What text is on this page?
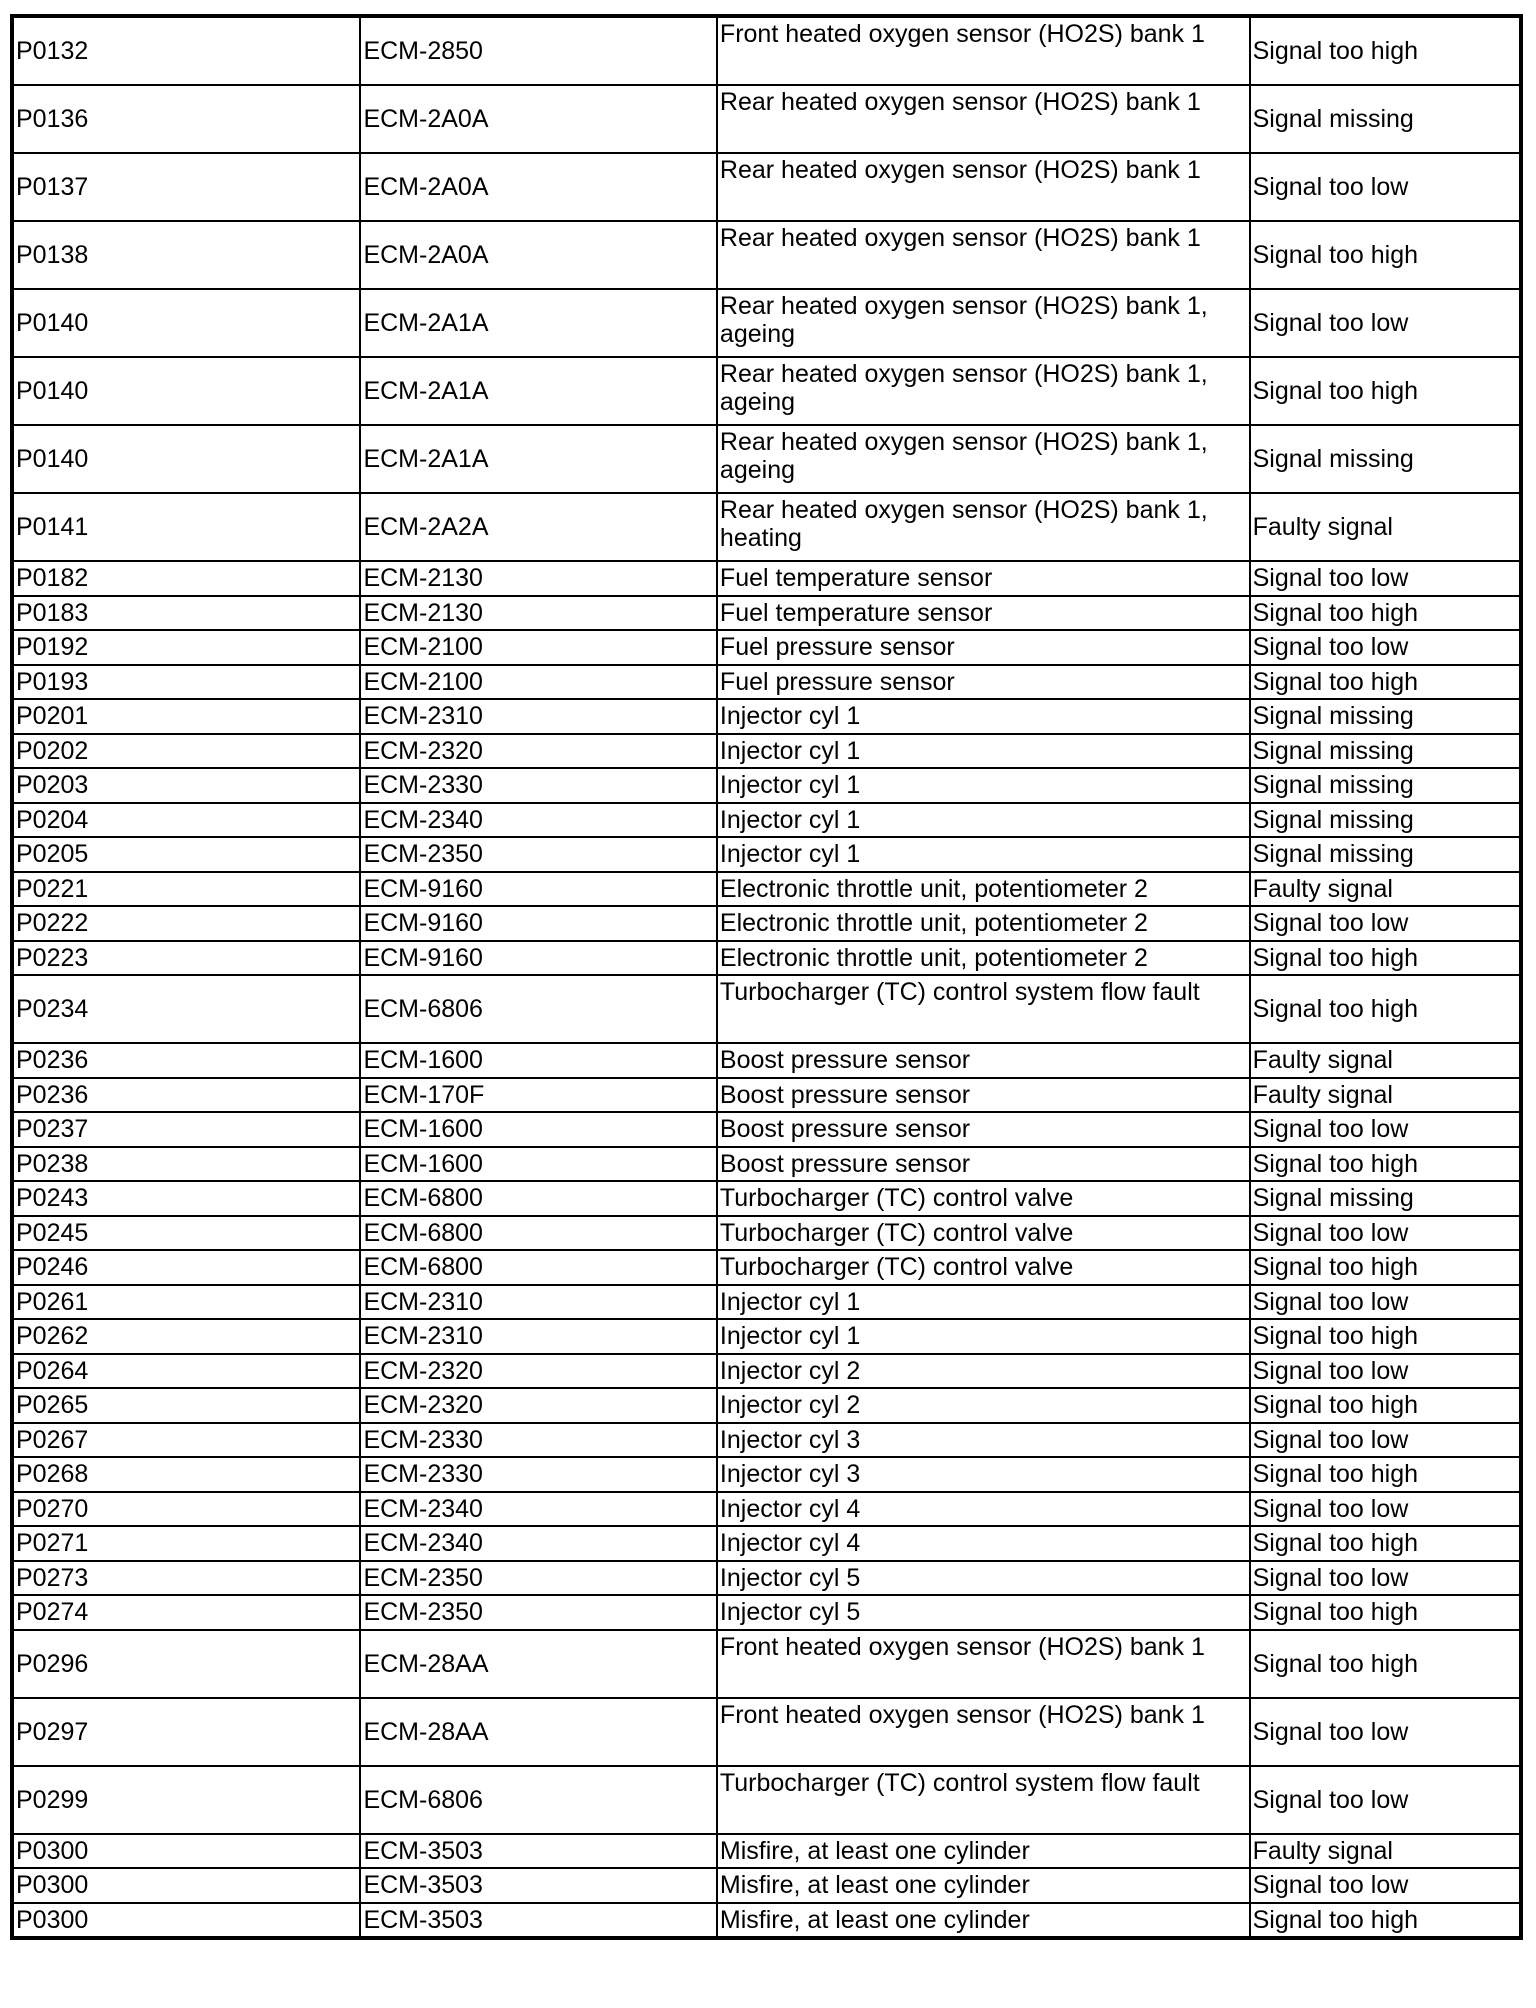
P0132	ECM-2850	Front heated oxygen sensor (HO2S) bank 1	Signal too high
P0136	ECM-2A0A	Rear heated oxygen sensor (HO2S) bank 1	Signal missing
P0137	ECM-2A0A	Rear heated oxygen sensor (HO2S) bank 1	Signal too low
P0138	ECM-2A0A	Rear heated oxygen sensor (HO2S) bank 1	Signal too high
P0140	ECM-2A1A	Rear heated oxygen sensor (HO2S) bank 1, ageing	Signal too low
P0140	ECM-2A1A	Rear heated oxygen sensor (HO2S) bank 1, ageing	Signal too high
P0140	ECM-2A1A	Rear heated oxygen sensor (HO2S) bank 1, ageing	Signal missing
P0141	ECM-2A2A	Rear heated oxygen sensor (HO2S) bank 1, heating	Faulty signal
P0182	ECM-2130	Fuel temperature sensor	Signal too low
P0183	ECM-2130	Fuel temperature sensor	Signal too high
P0192	ECM-2100	Fuel pressure sensor	Signal too low
P0193	ECM-2100	Fuel pressure sensor	Signal too high
P0201	ECM-2310	Injector cyl 1	Signal missing
P0202	ECM-2320	Injector cyl 1	Signal missing
P0203	ECM-2330	Injector cyl 1	Signal missing
P0204	ECM-2340	Injector cyl 1	Signal missing
P0205	ECM-2350	Injector cyl 1	Signal missing
P0221	ECM-9160	Electronic throttle unit, potentiometer 2	Faulty signal
P0222	ECM-9160	Electronic throttle unit, potentiometer 2	Signal too low
P0223	ECM-9160	Electronic throttle unit, potentiometer 2	Signal too high
P0234	ECM-6806	Turbocharger (TC) control system flow fault	Signal too high
P0236	ECM-1600	Boost pressure sensor	Faulty signal
P0236	ECM-170F	Boost pressure sensor	Faulty signal
P0237	ECM-1600	Boost pressure sensor	Signal too low
P0238	ECM-1600	Boost pressure sensor	Signal too high
P0243	ECM-6800	Turbocharger (TC) control valve	Signal missing
P0245	ECM-6800	Turbocharger (TC) control valve	Signal too low
P0246	ECM-6800	Turbocharger (TC) control valve	Signal too high
P0261	ECM-2310	Injector cyl 1	Signal too low
P0262	ECM-2310	Injector cyl 1	Signal too high
P0264	ECM-2320	Injector cyl 2	Signal too low
P0265	ECM-2320	Injector cyl 2	Signal too high
P0267	ECM-2330	Injector cyl 3	Signal too low
P0268	ECM-2330	Injector cyl 3	Signal too high
P0270	ECM-2340	Injector cyl 4	Signal too low
P0271	ECM-2340	Injector cyl 4	Signal too high
P0273	ECM-2350	Injector cyl 5	Signal too low
P0274	ECM-2350	Injector cyl 5	Signal too high
P0296	ECM-28AA	Front heated oxygen sensor (HO2S) bank 1	Signal too high
P0297	ECM-28AA	Front heated oxygen sensor (HO2S) bank 1	Signal too low
P0299	ECM-6806	Turbocharger (TC) control system flow fault	Signal too low
P0300	ECM-3503	Misfire, at least one cylinder	Faulty signal
P0300	ECM-3503	Misfire, at least one cylinder	Signal too low
P0300	ECM-3503	Misfire, at least one cylinder	Signal too high
